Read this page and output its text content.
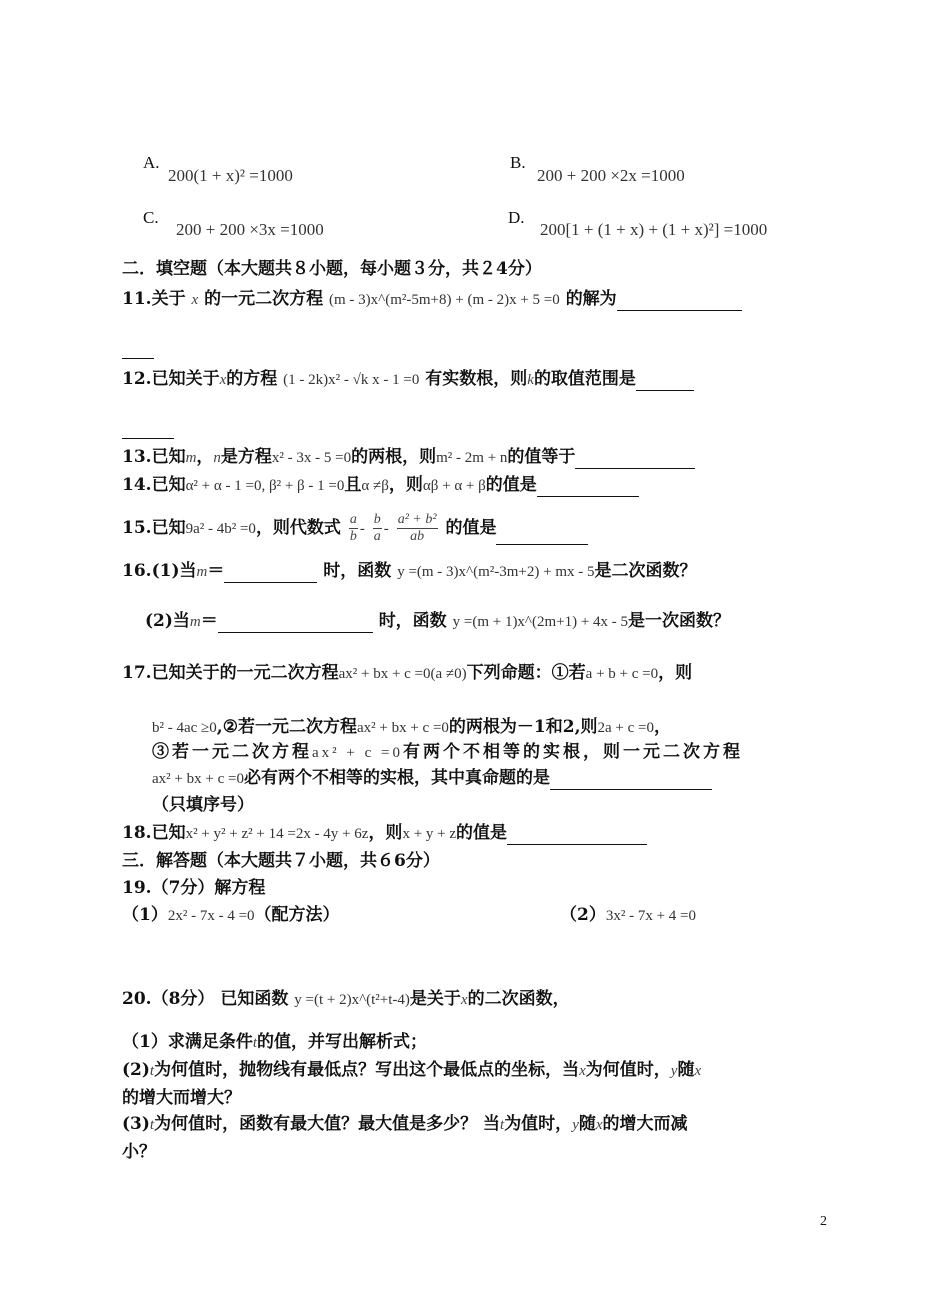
A.
200(1 + x)² =1000
B.
200 + 200 ×2x =1000
C.
200 + 200 ×3x =1000
D.
200[1 + (1 + x) + (1 + x)²] =1000
二．填空题（本大题共８小题，每小题３分，共２4分）
11.关于 x 的一元二次方程 (m - 3)x^(m²-5m+8) + (m - 2)x + 5 =0 的解为
12.已知关于x的方程 (1 - 2k)x² - √k x - 1 =0 有实数根，则k的取值范围是
13.已知m，n是方程x² - 3x - 5 =0的两根，则m² - 2m + n的值等于
14.已知α² + α - 1 =0, β² + β - 1 =0且α ≠β，则αβ + α + β的值是
15.已知9a² - 4b² =0，则代数式 $\frac{a}{b} - \frac{b}{a} - \frac{\text{a² + b²}}{ab}$ 的值是
16.(1)当m＝	时，函数 y =(m - 3)x^(m²-3m+2) + mx - 5是二次函数？
(2)当m＝	时，函数 y =(m + 1)x^(2m+1) + 4x - 5是一次函数？
17.已知关于的一元二次方程ax² + bx + c =0(a ≠0)下列命题：①若a + b + c =0，则
b² - 4ac ≥0,②若一元二次方程ax² + bx + c =0的两根为－1和2,则2a + c =0，
③若一元二次方程ax² + c =0有两个不相等的实根，则一元二次方程
ax² + bx + c =0必有两个不相等的实根，其中真命题的是
（只填序号）
18.已知x² + y² + z² + 14 =2x - 4y + 6z，则x + y + z的值是
三．解答题（本大题共７小题，共６6分）
19.（7分）解方程
（1）2x² - 7x - 4 =0（配方法）	（2）3x² - 7x + 4 =0
20.（8分） 已知函数 y =(t + 2)x^(t²+t-4)是关于x的二次函数，
（1）求满足条件t的值，并写出解析式；
(2)t为何值时，抛物线有最低点？写出这个最低点的坐标，当x为何值时，y随x
的增大而增大？
(3)t为何值时，函数有最大值？最大值是多少？ 当t为值时，y随x的增大而减
小？
2
